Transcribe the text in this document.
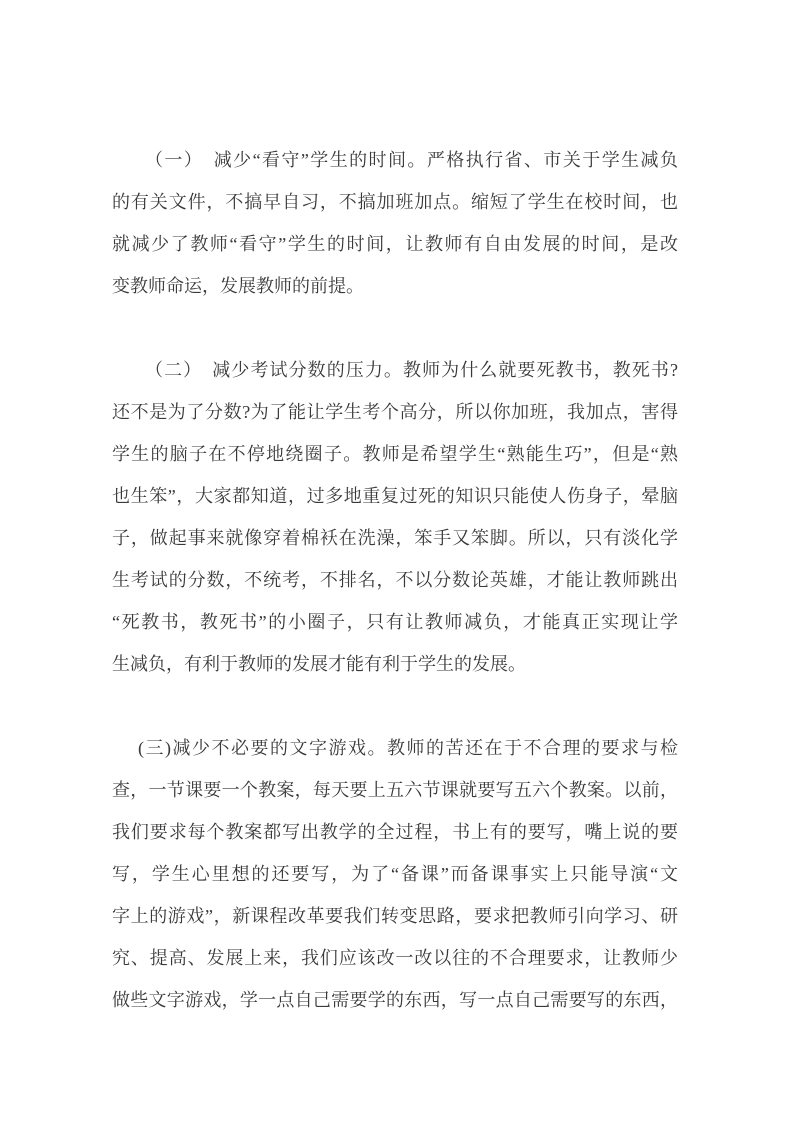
（一）　减少“看守”学生的时间。严格执行省、市关于学生减负
的有关文件，不搞早自习，不搞加班加点。缩短了学生在校时间，也
就减少了教师“看守”学生的时间，让教师有自由发展的时间，是改
变教师命运，发展教师的前提。
（二）　减少考试分数的压力。教师为什么就要死教书，教死书?
还不是为了分数?为了能让学生考个高分，所以你加班，我加点，害得
学生的脑子在不停地绕圈子。教师是希望学生“熟能生巧”，但是“熟
也生笨”，大家都知道，过多地重复过死的知识只能使人伤身子，晕脑
子，做起事来就像穿着棉袄在洗澡，笨手又笨脚。所以，只有淡化学
生考试的分数，不统考，不排名，不以分数论英雄，才能让教师跳出
“死教书，教死书”的小圈子，只有让教师减负，才能真正实现让学
生减负，有利于教师的发展才能有利于学生的发展。
(三)减少不必要的文字游戏。教师的苦还在于不合理的要求与检
查，一节课要一个教案，每天要上五六节课就要写五六个教案。以前，
我们要求每个教案都写出教学的全过程，书上有的要写，嘴上说的要
写，学生心里想的还要写，为了“备课”而备课事实上只能导演“文
字上的游戏”，新课程改革要我们转变思路，要求把教师引向学习、研
究、提高、发展上来，我们应该改一改以往的不合理要求，让教师少
做些文字游戏，学一点自己需要学的东西，写一点自己需要写的东西，
